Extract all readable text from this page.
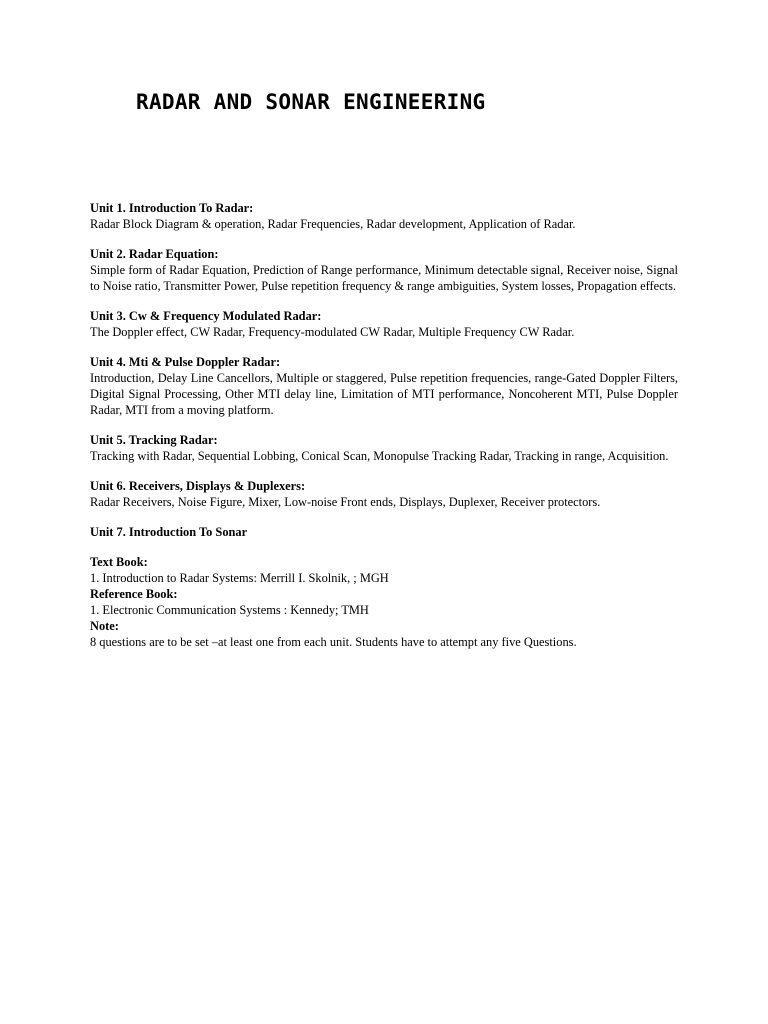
RADAR AND SONAR ENGINEERING

Unit 1. Introduction To Radar:

Radar Block Diagram & operation, Radar Frequencies, Radar development, Application of Radar.

Unit 2. Radar Equation:

Simple form of Radar Equation, Prediction of Range performance, Minimum detectable signal, Receiver noise, Signal to Noise ratio, Transmitter Power, Pulse repetition frequency & range ambiguities, System losses, Propagation effects.

Unit 3. Cw & Frequency Modulated Radar:

The Doppler effect, CW Radar, Frequency-modulated CW Radar, Multiple Frequency CW Radar.

Unit 4. Mti & Pulse Doppler Radar:

Introduction, Delay Line Cancellors, Multiple or staggered, Pulse repetition frequencies, range-Gated Doppler Filters, Digital Signal Processing, Other MTI delay line, Limitation of MTI performance, Noncoherent MTI, Pulse Doppler Radar, MTI from a moving platform.

Unit 5. Tracking Radar:

Tracking with Radar, Sequential Lobbing, Conical Scan, Monopulse Tracking Radar, Tracking in range, Acquisition.

Unit 6. Receivers, Displays & Duplexers:

Radar Receivers, Noise Figure, Mixer, Low-noise Front ends, Displays, Duplexer, Receiver protectors.

Unit 7. Introduction To Sonar

Text Book:

1. Introduction to Radar Systems: Merrill I. Skolnik, ; MGH

Reference Book:

1. Electronic Communication Systems : Kennedy; TMH

Note:

8 questions are to be set –at least one from each unit. Students have to attempt any five Questions.
